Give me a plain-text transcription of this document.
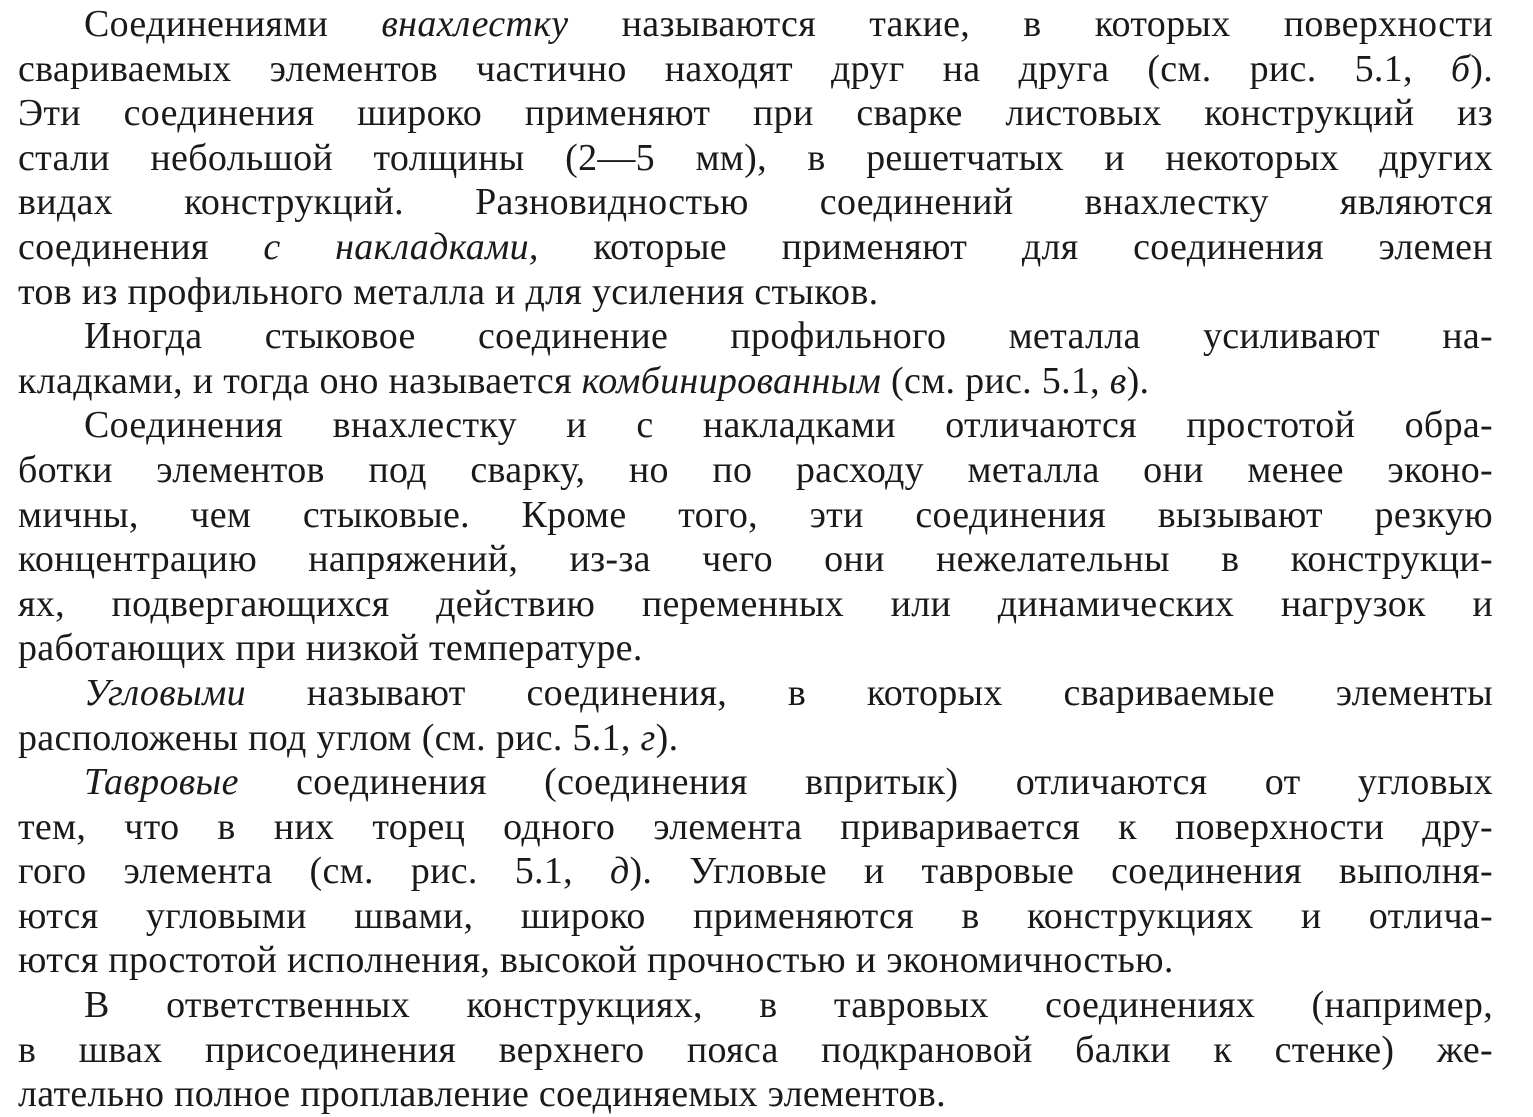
Соединениями внахлестку называются такие, в которых поверхности
свариваемых элементов частично находят друг на друга (см. рис. 5.1, б).
Эти соединения широко применяют при сварке листовых конструкций из
стали небольшой толщины (2—5 мм), в решетчатых и некоторых других
видах конструкций. Разновидностью соединений внахлестку являются
соединения с накладками, которые применяют для соединения элемен
тов из профильного металла и для усиления стыков.
Иногда стыковое соединение профильного металла усиливают на-
кладками, и тогда оно называется комбинированным (см. рис. 5.1, в).
Соединения внахлестку и с накладками отличаются простотой обра-
ботки элементов под сварку, но по расходу металла они менее эконо-
мичны, чем стыковые. Кроме того, эти соединения вызывают резкую
концентрацию напряжений, из-за чего они нежелательны в конструкци-
ях, подвергающихся действию переменных или динамических нагрузок и
работающих при низкой температуре.
Угловыми называют соединения, в которых свариваемые элементы
расположены под углом (см. рис. 5.1, г).
Тавровые соединения (соединения впритык) отличаются от угловых
тем, что в них торец одного элемента приваривается к поверхности дру-
гого элемента (см. рис. 5.1, д). Угловые и тавровые соединения выполня-
ются угловыми швами, широко применяются в конструкциях и отлича-
ются простотой исполнения, высокой прочностью и экономичностью.
В ответственных конструкциях, в тавровых соединениях (например,
в швах присоединения верхнего пояса подкрановой балки к стенке) же-
лательно полное проплавление соединяемых элементов.
